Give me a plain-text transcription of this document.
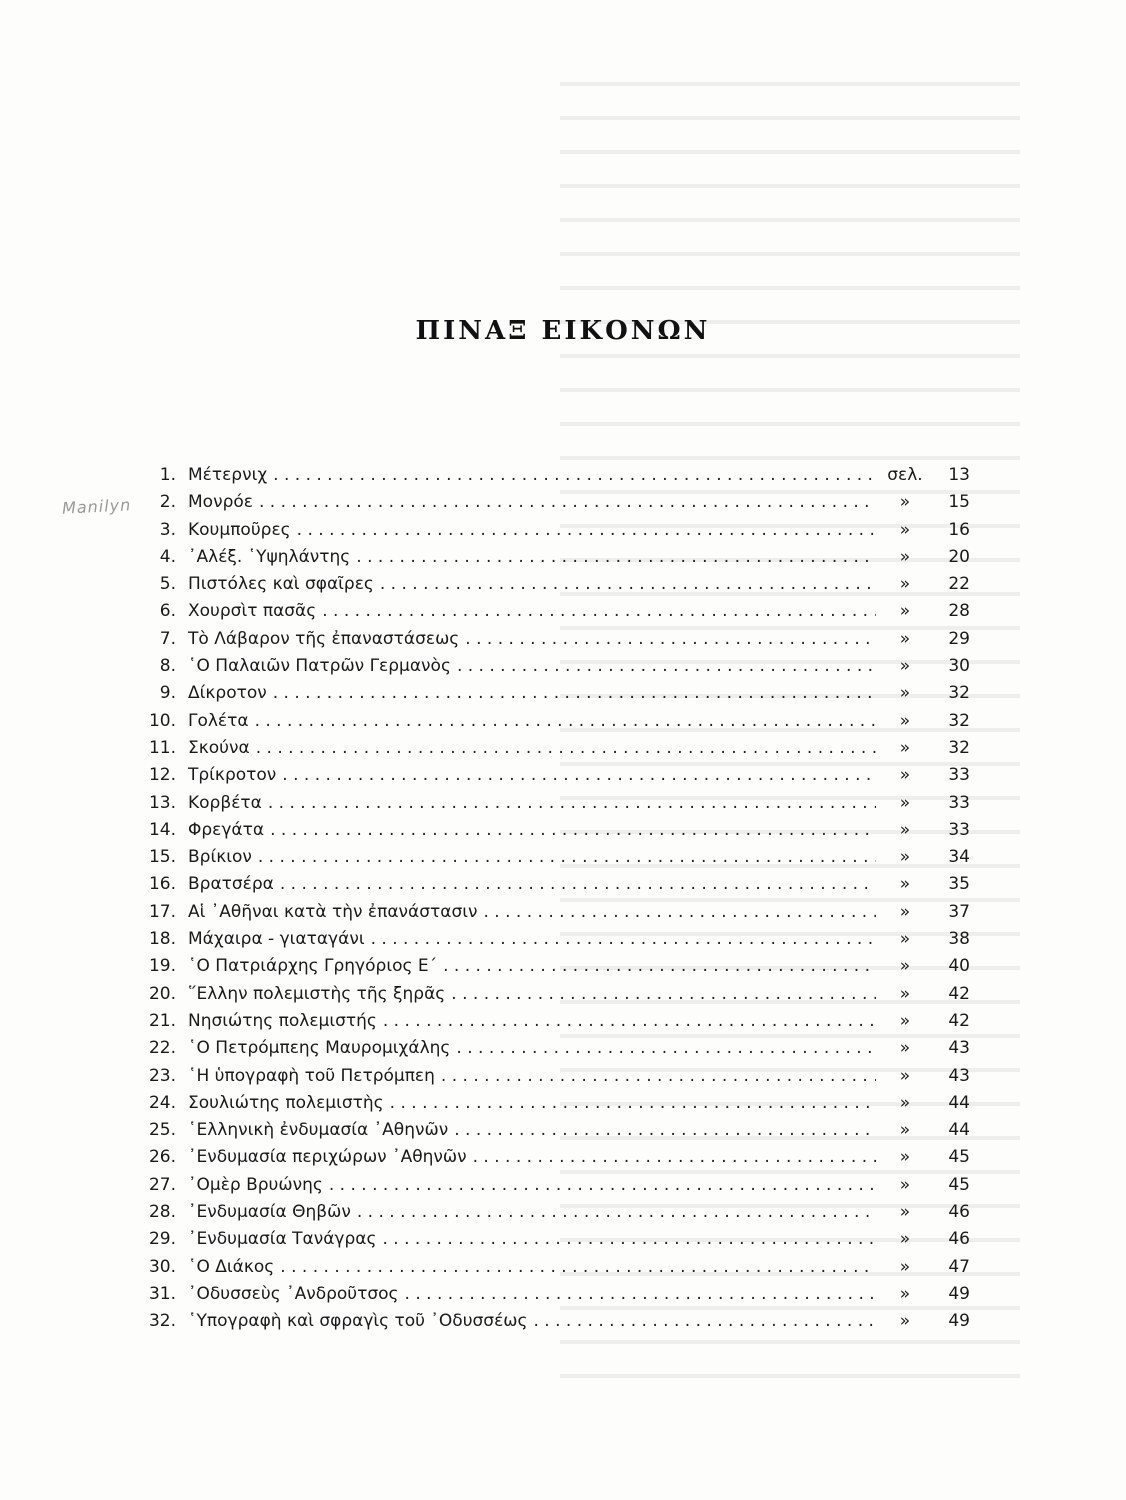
ΠΙΝΑΞ ΕΙΚΟΝΩΝ
Manilyn
1. Μέτερνιχ . . .	σελ.	13
2. Μονρόε . . .	»	15
3. Κουμποῦρες . . .	»	16
4. ᾿Αλέξ. ῾Υψηλάντης . . .	»	20
5. Πιστόλες καὶ σφαῖρες . . .	»	22
6. Χουρσὶτ πασᾶς . . .	»	28
7. Τὸ Λάβαρον τῆς ἐπαναστάσεως . . .	»	29
8. ῾Ο Παλαιῶν Πατρῶν Γερμανὸς . . .	»	30
9. Δίκροτον . . .	»	32
10. Γολέτα . . .	»	32
11. Σκούνα . . .	»	32
12. Τρίκροτον . . .	»	33
13. Κορβέτα . . .	»	33
14. Φρεγάτα . . .	»	33
15. Βρίκιον . . .	»	34
16. Βρατσέρα . . .	»	35
17. Αἱ ᾿Αθῆναι κατὰ τὴν ἐπανάστασιν . . .	»	37
18. Μάχαιρα - γιαταγάνι . . .	»	38
19. ῾Ο Πατριάρχης Γρηγόριος Ε΄ . . .	»	40
20. ῞Ελλην πολεμιστὴς τῆς ξηρᾶς . . .	»	42
21. Νησιώτης πολεμιστής . . .	»	42
22. ῾Ο Πετρόμπεης Μαυρομιχάλης . . .	»	43
23. ῾Η ὑπογραφὴ τοῦ Πετρόμπεη . . .	»	43
24. Σουλιώτης πολεμιστὴς . . .	»	44
25. ῾Ελληνικὴ ἐνδυμασία ᾿Αθηνῶν . . .	»	44
26. ᾿Ενδυμασία περιχώρων ᾿Αθηνῶν . . .	»	45
27. ᾿Ομὲρ Βρυώνης . . .	»	45
28. ᾿Ενδυμασία Θηβῶν . . .	»	46
29. ᾿Ενδυμασία Τανάγρας . . .	»	46
30. ῾Ο Διάκος . . .	»	47
31. ᾿Οδυσσεὺς ᾿Ανδροῦτσος . . .	»	49
32. ῾Υπογραφὴ καὶ σφραγὶς τοῦ ᾿Οδυσσέως . . .	»	49
